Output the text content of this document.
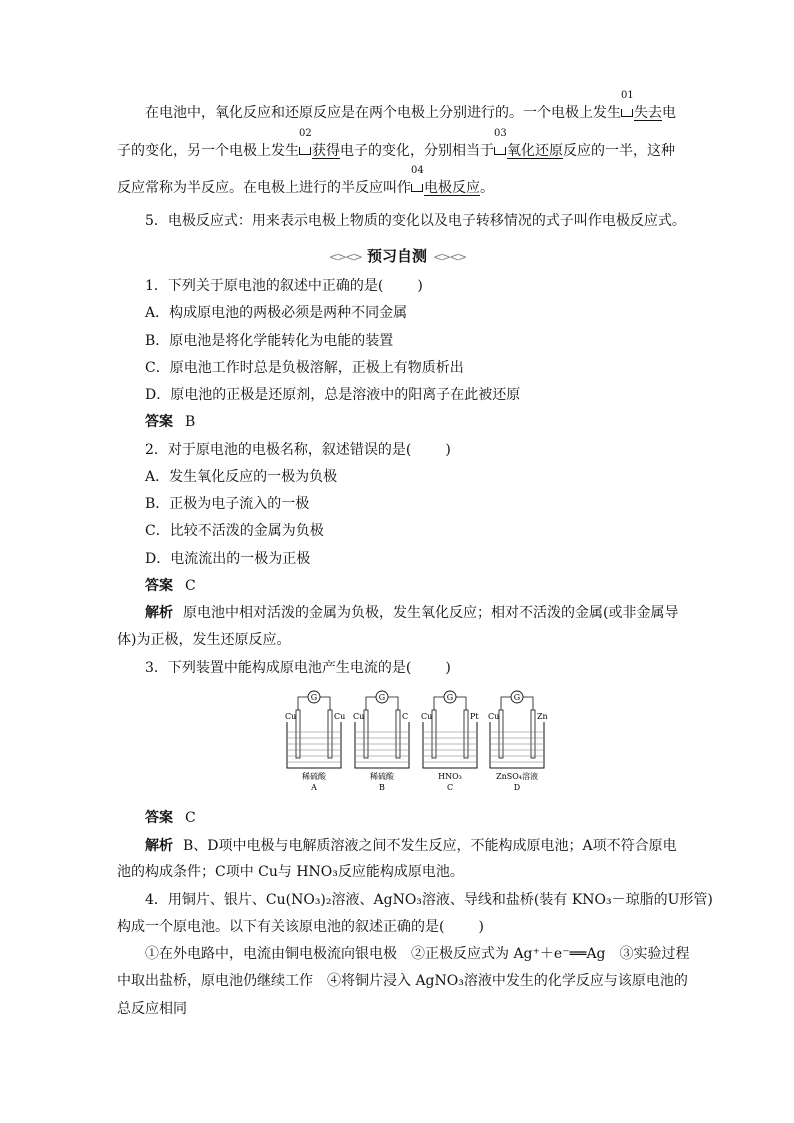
在电池中，氧化反应和还原反应是在两个电极上分别进行的。一个电极上发生
01
失去电
子的变化，另一个电极上发生
02
获得电子的变化，分别相当于
03
氧化还原反应的一半，这种
反应常称为半反应。在电极上进行的半反应叫作
04
电极反应。
5．电极反应式：用来表示电极上物质的变化以及电子转移情况的式子叫作电极反应式。
<><> 预习自测 <><>
1．下列关于原电池的叙述中正确的是( )
A．构成原电池的两极必须是两种不同金属
B．原电池是将化学能转化为电能的装置
C．原电池工作时总是负极溶解，正极上有物质析出
D．原电池的正极是还原剂，总是溶液中的阳离子在此被还原
答案 B
2．对于原电池的电极名称，叙述错误的是( )
A．发生氧化反应的一极为负极
B．正极为电子流入的一极
C．比较不活泼的金属为负极
D．电流流出的一极为正极
答案 C
解析 原电池中相对活泼的金属为负极，发生氧化反应；相对不活泼的金属(或非金属导
体)为正极，发生还原反应。
3．下列装置中能构成原电池产生电流的是( )
G
Cu	Cu
稀硫酸
A
G
Cu	C
稀硫酸
B
G
Cu	Pt
HNO₃
C
G
Cu	Zn
ZnSO₄溶液
D
答案 C
解析 B、D项中电极与电解质溶液之间不发生反应，不能构成原电池；A项不符合原电
池的构成条件；C项中 Cu与 HNO₃反应能构成原电池。
4．用铜片、银片、Cu(NO₃)₂溶液、AgNO₃溶液、导线和盐桥(装有 KNO₃－琼脂的U形管)
构成一个原电池。以下有关该原电池的叙述正确的是( )
①在外电路中，电流由铜电极流向银电极　②正极反应式为 Ag⁺＋e⁻══Ag　③实验过程
中取出盐桥，原电池仍继续工作　④将铜片浸入 AgNO₃溶液中发生的化学反应与该原电池的
总反应相同
